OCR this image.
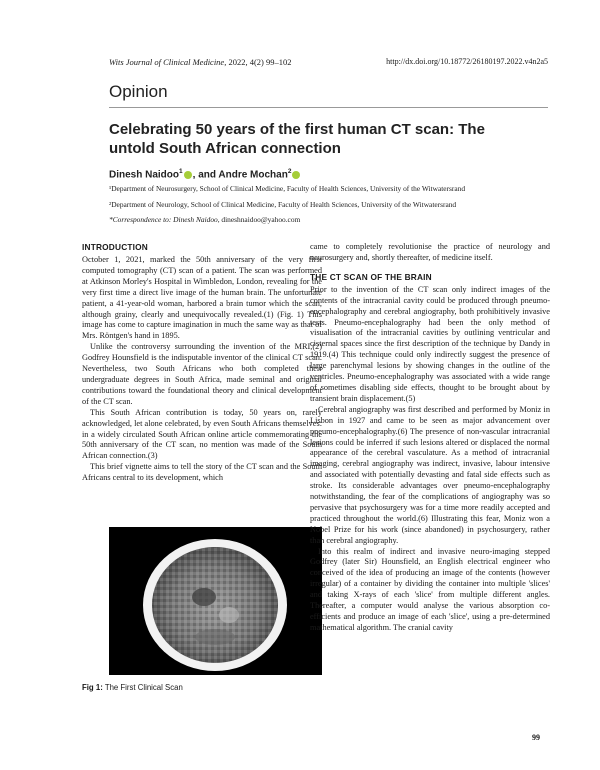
Wits Journal of Clinical Medicine, 2022, 4(2) 99–102	http://dx.doi.org/10.18772/26180197.2022.v4n2a5
Opinion
Celebrating 50 years of the first human CT scan: The untold South African connection
Dinesh Naidoo$^1$ , and Andre Mochan$^2$
¹Department of Neurosurgery, School of Clinical Medicine, Faculty of Health Sciences, University of the Witwatersrand
²Department of Neurology, School of Clinical Medicine, Faculty of Health Sciences, University of the Witwatersrand
*Correspondence to: Dinesh Naidoo, dineshnaidoo@yahoo.com
INTRODUCTION

October 1, 2021, marked the 50th anniversary of the very first computed tomography (CT) scan of a patient. The scan was performed at Atkinson Morley's Hospital in Wimbledon, London, revealing for the very first time a direct live image of the human brain. The unfortunate patient, a 41-year-old woman, harbored a brain tumor which the scan, although grainy, clearly and unequivocally revealed.(1) (Fig. 1) This image has come to capture imagination in much the same way as that of Mrs. Röntgen's hand in 1895.

Unlike the controversy surrounding the invention of the MRI,(2) Godfrey Hounsfield is the indisputable inventor of the clinical CT scan. Nevertheless, two South Africans who both completed their undergraduate degrees in South Africa, made seminal and original contributions toward the foundational theory and clinical development of the CT scan.

This South African contribution is today, 50 years on, rarely acknowledged, let alone celebrated, by even South Africans themselves: in a widely circulated South African online article commemorating the 50th anniversary of the CT scan, no mention was made of the South African connection.(3)

This brief vignette aims to tell the story of the CT scan and the South Africans central to its development, which

Fig 1: The First Clinical Scan

came to completely revolutionise the practice of neurology and neurosurgery and, shortly thereafter, of medicine itself.

THE CT SCAN OF THE BRAIN

Prior to the invention of the CT scan only indirect images of the contents of the intracranial cavity could be produced through pneumo-encephalography and cerebral angiography, both prohibitively invasive tests. Pneumo-encephalography had been the only method of visualisation of the intracranial cavities by outlining ventricular and cisternal spaces since the first description of the technique by Dandy in 1919.(4) This technique could only indirectly suggest the presence of large parenchymal lesions by showing changes in the outline of the ventricles. Pneumo-encephalography was associated with a wide range of sometimes disabling side effects, thought to be brought about by transient brain displacement.(5)

Cerebral angiography was first described and performed by Moniz in Lisbon in 1927 and came to be seen as major advancement over pneumo-encephalography.(6) The presence of non-vascular intracranial lesions could be inferred if such lesions altered or displaced the normal appearance of the cerebral vasculature. As a method of intracranial imaging, cerebral angiography was indirect, invasive, labour intensive and associated with potentially devasting and fatal side effects such as stroke. Its considerable advantages over pneumo-encephalography notwithstanding, the fear of the complications of angiography was so pervasive that psychosurgery was for a time more readily accepted and practiced throughout the world.(6) Illustrating this fear, Moniz won a Nobel Prize for his work (since abandoned) in psychosurgery, rather than cerebral angiography.

Into this realm of indirect and invasive neuro-imaging stepped Godfrey (later Sir) Hounsfield, an English electrical engineer who conceived of the idea of producing an image of the contents (however irregular) of a container by dividing the container into multiple 'slices' and taking X-rays of each 'slice' from multiple different angles. Thereafter, a computer would analyse the various absorption co-efficients and produce an image of each 'slice', using a pre-determined mathematical algorithm. The cranial cavity

99
